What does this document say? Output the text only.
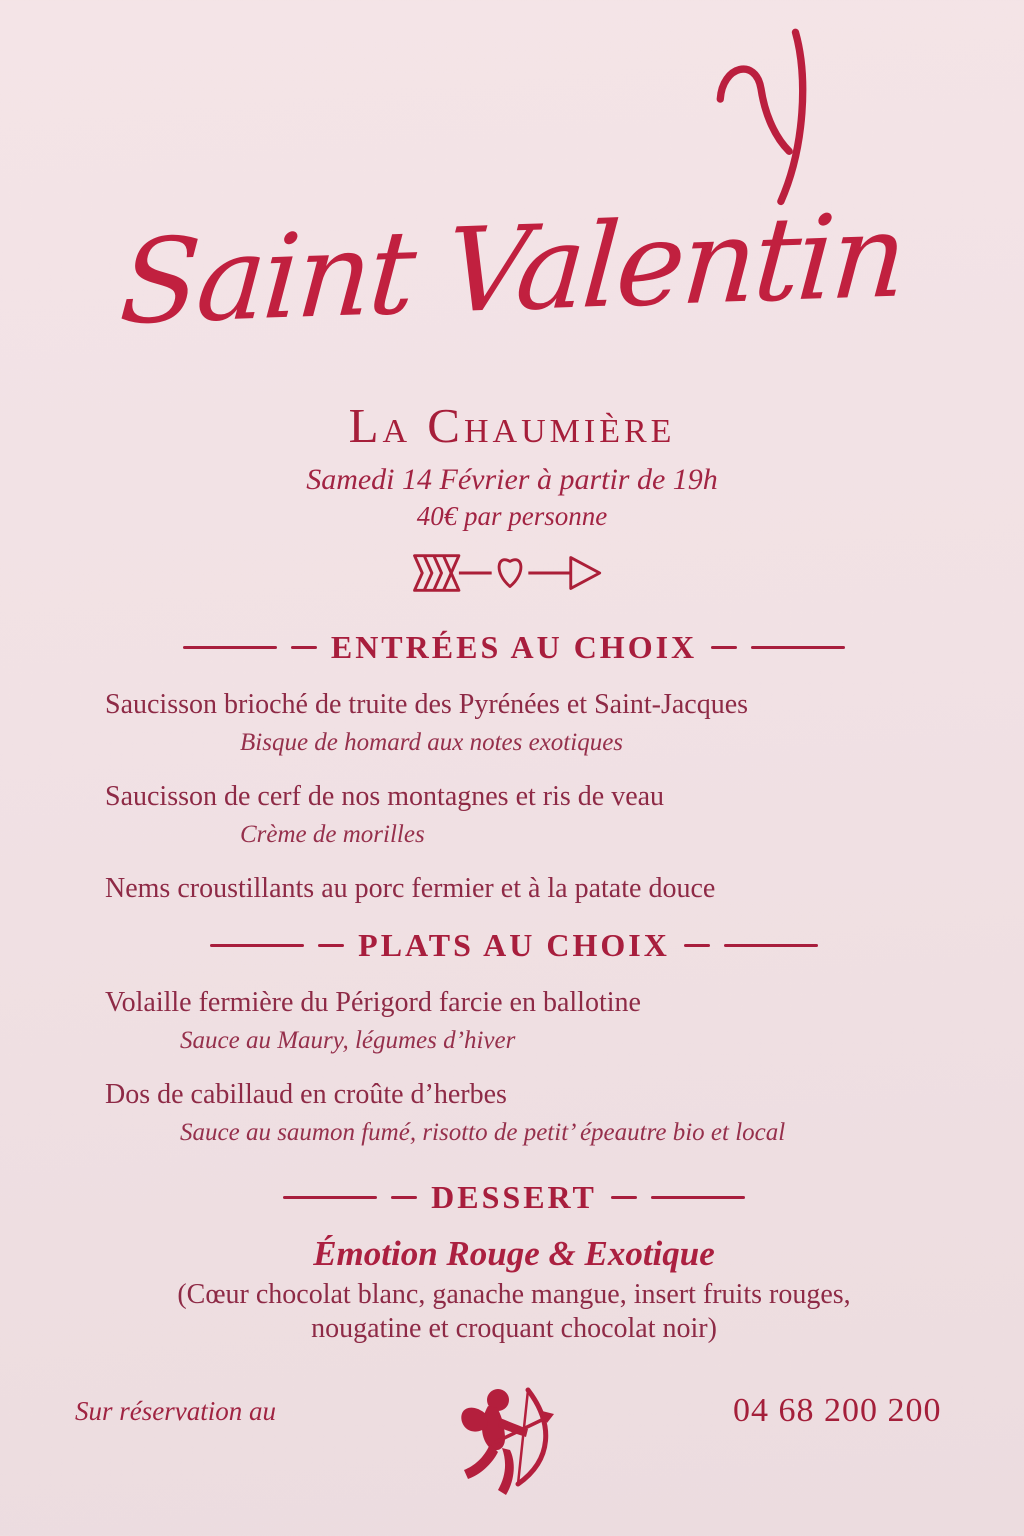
Saint Valentin
La Chaumière
Samedi 14 Février à partir de 19h
40€ par personne
ENTRÉES AU CHOIX
Saucisson brioché de truite des Pyrénées et Saint-Jacques
Bisque de homard aux notes exotiques
Saucisson de cerf de nos montagnes et ris de veau
Crème de morilles
Nems croustillants au porc fermier et à la patate douce
PLATS AU CHOIX
Volaille fermière du Périgord farcie en ballotine
Sauce au Maury, légumes d’hiver
Dos de cabillaud en croûte d’herbes
Sauce au saumon fumé, risotto de petit’ épeautre bio et local
DESSERT
Émotion Rouge & Exotique
(Cœur chocolat blanc, ganache mangue, insert fruits rouges,
nougatine et croquant chocolat noir)
Sur réservation au	04 68 200 200
